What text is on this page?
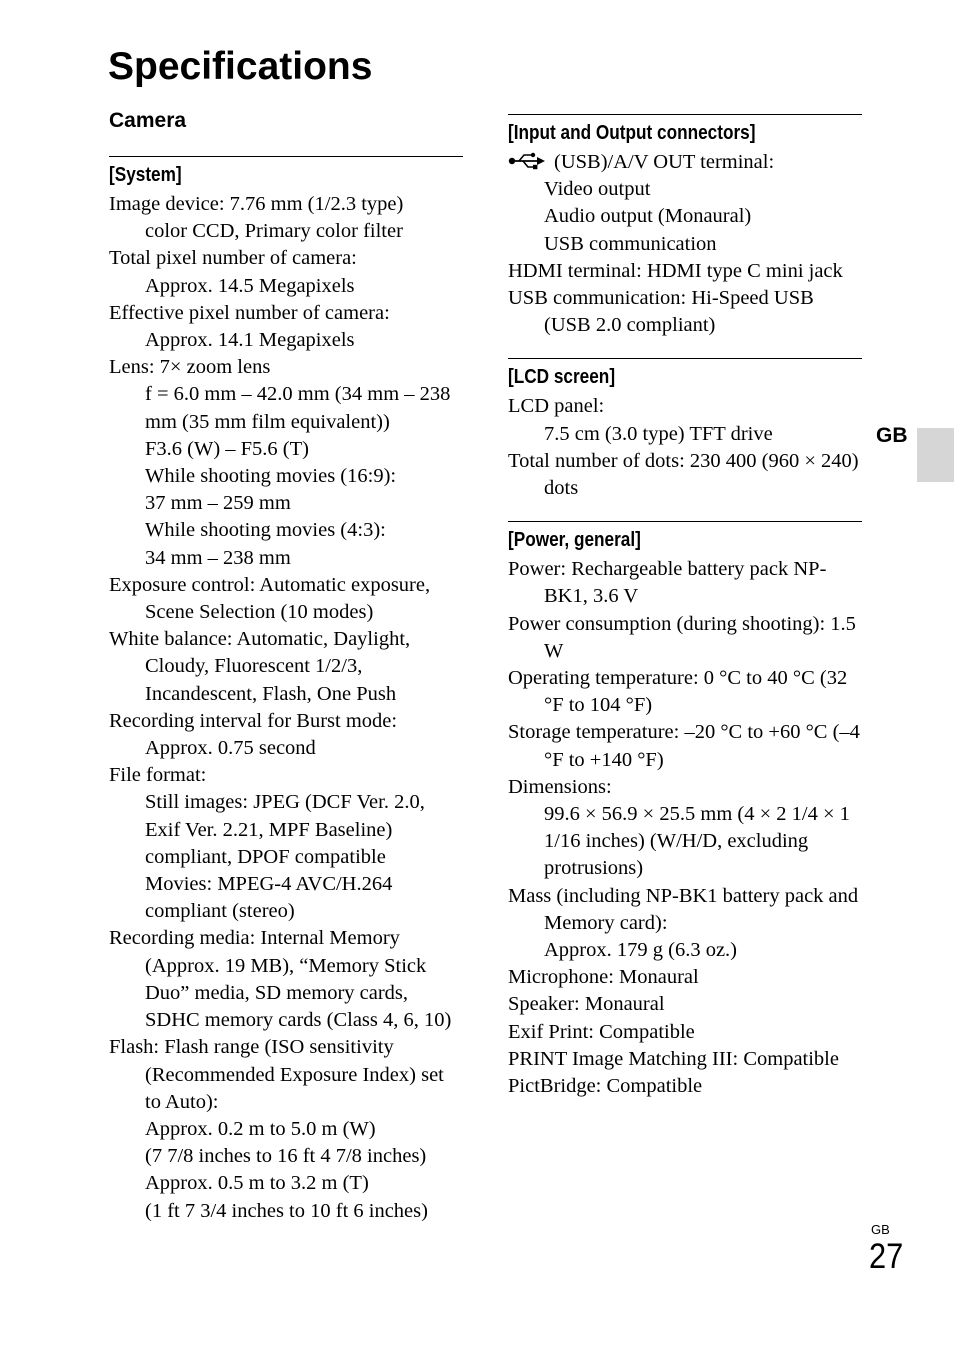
Specifications
Camera
[System]
Image device: 7.76 mm (1/2.3 type)
color CCD, Primary color filter
Total pixel number of camera:
Approx. 14.5 Megapixels
Effective pixel number of camera:
Approx. 14.1 Megapixels
Lens: 7× zoom lens
f = 6.0 mm – 42.0 mm (34 mm – 238 mm (35 mm film equivalent))
F3.6 (W) – F5.6 (T)
While shooting movies (16:9):
37 mm – 259 mm
While shooting movies (4:3):
34 mm – 238 mm
Exposure control: Automatic exposure, Scene Selection (10 modes)
White balance: Automatic, Daylight, Cloudy, Fluorescent 1/2/3, Incandescent, Flash, One Push
Recording interval for Burst mode:
Approx. 0.75 second
File format:
Still images: JPEG (DCF Ver. 2.0, Exif Ver. 2.21, MPF Baseline) compliant, DPOF compatible
Movies: MPEG-4 AVC/H.264 compliant (stereo)
Recording media: Internal Memory (Approx. 19 MB), “Memory Stick Duo” media, SD memory cards, SDHC memory cards (Class 4, 6, 10)
Flash: Flash range (ISO sensitivity (Recommended Exposure Index) set to Auto):
Approx. 0.2 m to 5.0 m (W)
(7 7/8 inches to 16 ft 4 7/8 inches)
Approx. 0.5 m to 3.2 m (T)
(1 ft 7 3/4 inches to 10 ft 6 inches)
[Input and Output connectors]
(USB)/A/V OUT terminal:
Video output
Audio output (Monaural)
USB communication
HDMI terminal: HDMI type C mini jack
USB communication: Hi-Speed USB (USB 2.0 compliant)
[LCD screen]
LCD panel:
7.5 cm (3.0 type) TFT drive
Total number of dots: 230 400 (960 × 240) dots
[Power, general]
Power: Rechargeable battery pack NP-BK1, 3.6 V
Power consumption (during shooting): 1.5 W
Operating temperature: 0 °C to 40 °C (32 °F to 104 °F)
Storage temperature: –20 °C to +60 °C (–4 °F to +140 °F)
Dimensions:
99.6 × 56.9 × 25.5 mm (4 × 2 1/4 × 1 1/16 inches) (W/H/D, excluding protrusions)
Mass (including NP-BK1 battery pack and Memory card):
Approx. 179 g (6.3 oz.)
Microphone: Monaural
Speaker: Monaural
Exif Print: Compatible
PRINT Image Matching III: Compatible
PictBridge: Compatible
GB
GB
27
